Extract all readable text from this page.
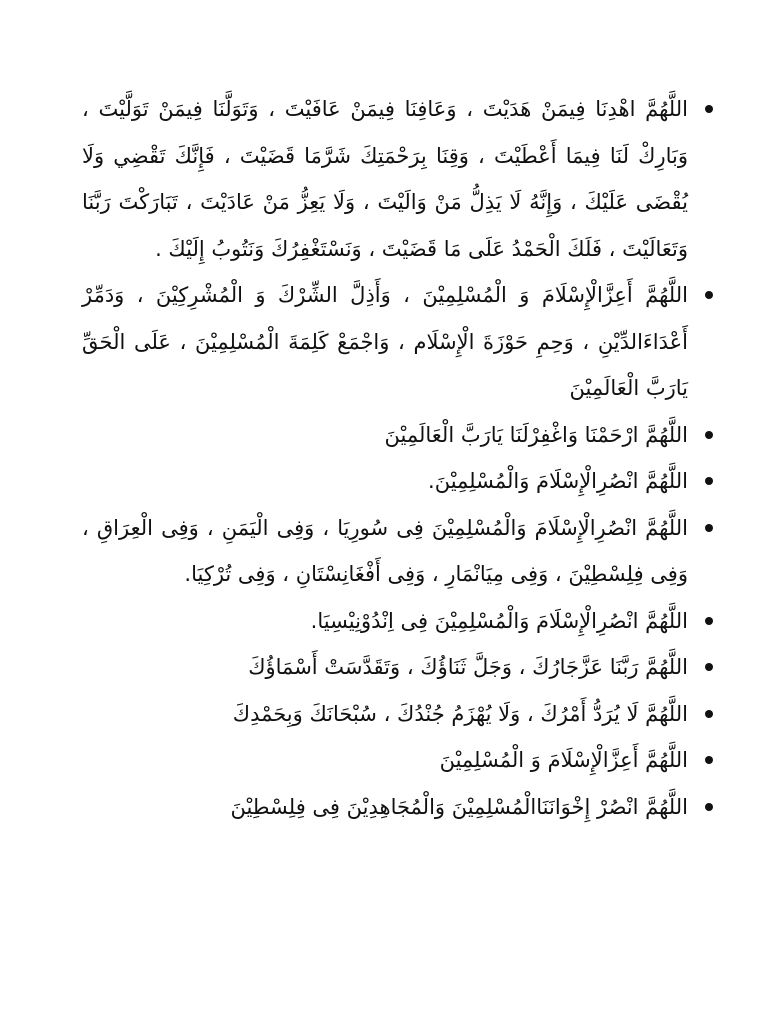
اللَّهُمَّ اهْدِنَا فِيمَنْ هَدَيْتَ ، وَعَافِنَا فِيمَنْ عَافَيْتَ ، وَتَوَلَّنَا فِيمَنْ تَوَلَّيْتَ ، وَبَارِكْ لَنَا فِيمَا أَعْطَيْتَ ، وَقِنَا بِرَحْمَتِكَ شَرَّمَا قَضَيْتَ ، فَإِنَّكَ تَقْضِي وَلَا يُقْضَى عَلَيْكَ ، وَإِنَّهُ لَا يَذِلُّ مَنْ وَالَيْتَ ، وَلَا يَعِزُّ مَنْ عَادَيْتَ ، تَبَارَكْتَ رَبَّنَا وَتَعَالَيْتَ ، فَلَكَ الْحَمْدُ عَلَى مَا قَضَيْتَ ، وَنَسْتَغْفِرُكَ وَنَتُوبُ إِلَيْكَ .
اللَّهُمَّ أَعِزَّالْإِسْلَامَ وَ الْمُسْلِمِيْنَ ، وَأَذِلَّ الشِّرْكَ وَ الْمُشْرِكِيْنَ ، وَدَمِّرْ أَعْدَاءَالدِّيْنِ ، وَحِمِ حَوْزَةَ الْإِسْلَام ، وَاجْمَعْ كَلِمَةَ الْمُسْلِمِيْنَ ، عَلَى الْحَقِّ يَارَبَّ الْعَالَمِيْنَ
اللَّهُمَّ ارْحَمْنَا وَاغْفِرْلَنَا يَارَبَّ الْعَالَمِيْنَ
اللَّهُمَّ انْصُرِالْإِسْلَامَ وَالْمُسْلِمِيْنَ.
اللَّهُمَّ انْصُرِالْإِسْلَامَ وَالْمُسْلِمِيْنَ فِى سُورِيَا ، وَفِى الْيَمَنِ ، وَفِى الْعِرَاقِ ، وَفِى فِلِسْطِيْنَ ، وَفِى مِيَانْمَارِ ، وَفِى أَفْغَانِسْتَانِ ، وَفِى تُرْكِيَا.
اللَّهُمَّ انْصُرِالْإِسْلَامَ وَالْمُسْلِمِيْنَ فِى اِنْدُوْنِيْسِيَا.
اللَّهُمَّ رَبَّنَا عَزَّجَارُكَ ، وَجَلَّ ثَنَاؤُكَ ، وَتَقَدَّسَتْ أَسْمَاؤُكَ
اللَّهُمَّ لَا يُرَدُّ أَمْرُكَ ، وَلَا يُهْزَمُ جُنْدُكَ ، سُبْحَانَكَ وَبِحَمْدِكَ
اللَّهُمَّ أَعِزَّالْإِسْلَامَ وَ الْمُسْلِمِيْنَ
اللَّهُمَّ انْصُرْ إِخْوَانَنَاالْمُسْلِمِيْنَ وَالْمُجَاهِدِيْنَ فِى فِلِسْطِيْنَ
